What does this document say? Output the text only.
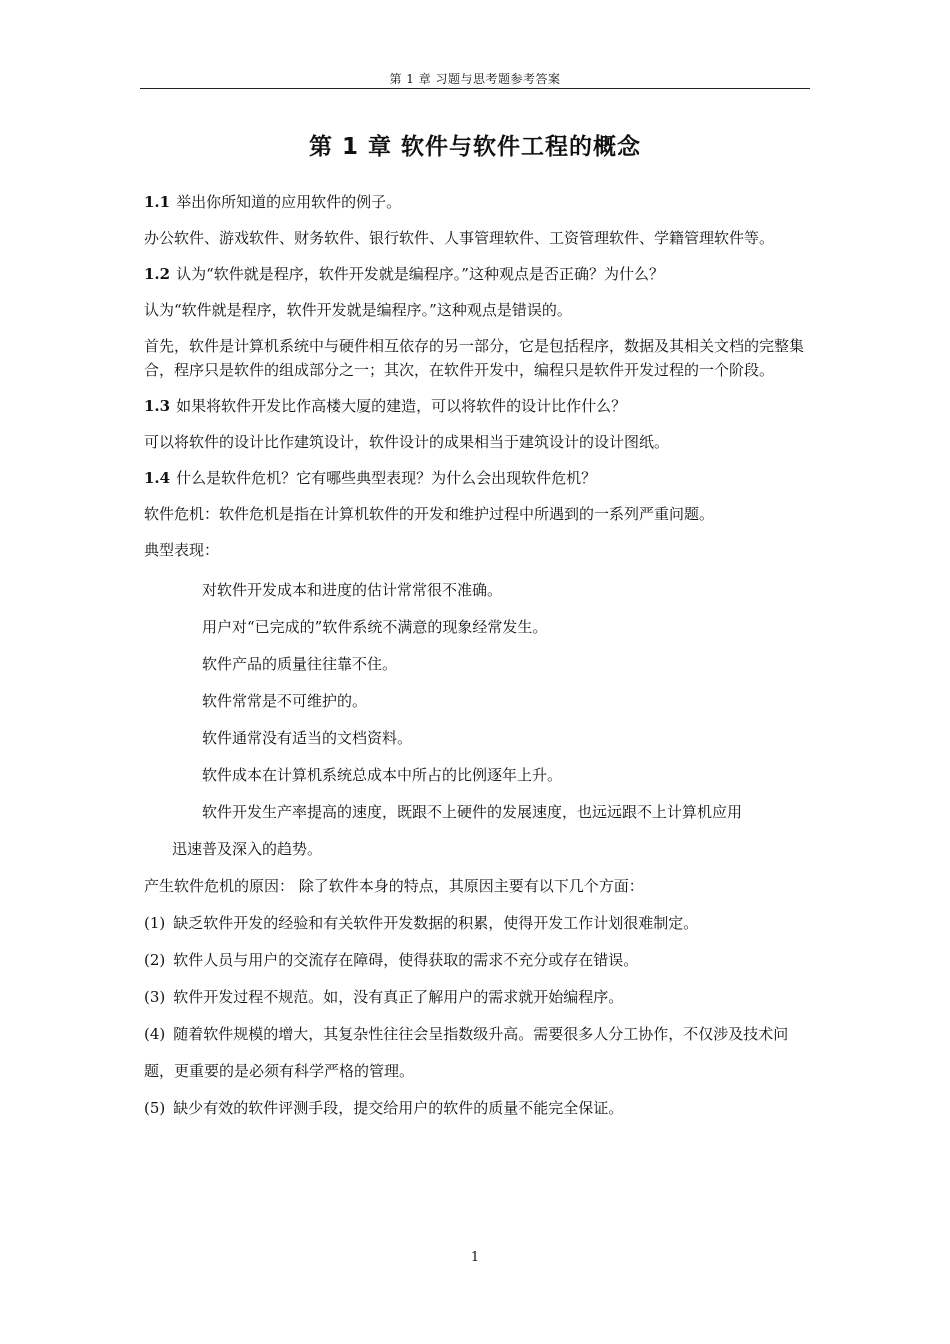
第 1 章 习题与思考题参考答案
第 1 章 软件与软件工程的概念

1.1 举出你所知道的应用软件的例子。

办公软件、游戏软件、财务软件、银行软件、人事管理软件、工资管理软件、学籍管理软件等。

1.2 认为“软件就是程序，软件开发就是编程序。”这种观点是否正确？为什么？

认为“软件就是程序，软件开发就是编程序。”这种观点是错误的。

首先，软件是计算机系统中与硬件相互依存的另一部分，它是包括程序，数据及其相关文档的完整集合，程序只是软件的组成部分之一；其次，在软件开发中，编程只是软件开发过程的一个阶段。

1.3 如果将软件开发比作高楼大厦的建造，可以将软件的设计比作什么？

可以将软件的设计比作建筑设计，软件设计的成果相当于建筑设计的设计图纸。

1.4 什么是软件危机？它有哪些典型表现？为什么会出现软件危机？

软件危机：软件危机是指在计算机软件的开发和维护过程中所遇到的一系列严重问题。

典型表现：

对软件开发成本和进度的估计常常很不准确。

用户对“已完成的”软件系统不满意的现象经常发生。

软件产品的质量往往靠不住。

软件常常是不可维护的。

软件通常没有适当的文档资料。

软件成本在计算机系统总成本中所占的比例逐年上升。

软件开发生产率提高的速度，既跟不上硬件的发展速度，也远远跟不上计算机应用
迅速普及深入的趋势。

产生软件危机的原因： 除了软件本身的特点，其原因主要有以下几个方面：

(1) 缺乏软件开发的经验和有关软件开发数据的积累，使得开发工作计划很难制定。

(2) 软件人员与用户的交流存在障碍，使得获取的需求不充分或存在错误。

(3) 软件开发过程不规范。如，没有真正了解用户的需求就开始编程序。

(4) 随着软件规模的增大，其复杂性往往会呈指数级升高。需要很多人分工协作，不仅涉及技术问题，更重要的是必须有科学严格的管理。

(5) 缺少有效的软件评测手段，提交给用户的软件的质量不能完全保证。

1
